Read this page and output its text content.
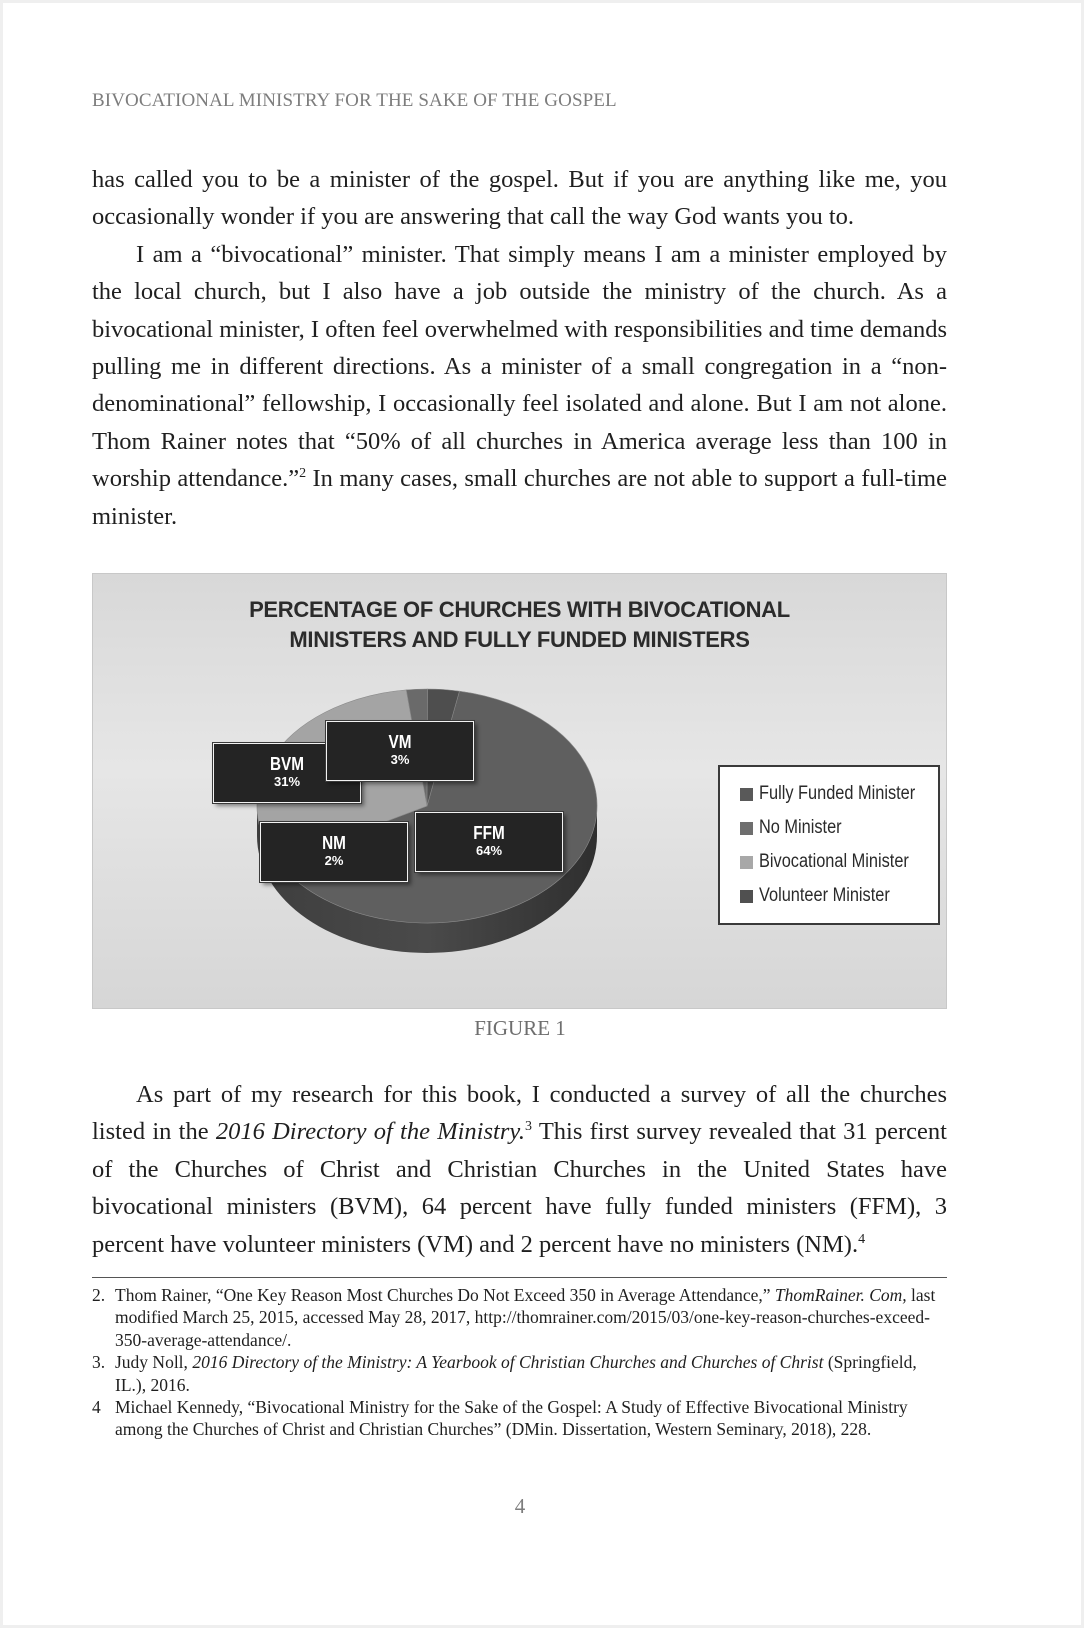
BIVOCATIONAL MINISTRY FOR THE SAKE OF THE GOSPEL

has called you to be a minister of the gospel. But if you are anything like me, you occasionally wonder if you are answering that call the way God wants you to.

I am a “bivocational” minister. That simply means I am a minister employed by the local church, but I also have a job outside the ministry of the church. As a bivocational minister, I often feel overwhelmed with responsibilities and time demands pulling me in different directions. As a minister of a small congregation in a “non-denominational” fellowship, I occasionally feel isolated and alone. But I am not alone. Thom Rainer notes that “50% of all churches in America average less than 100 in worship attendance.”$^2$ In many cases, small churches are not able to support a full-time minister.

PERCENTAGE OF CHURCHES WITH BIVOCATIONAL
MINISTERS AND FULLY FUNDED MINISTERS
BVM
31%
VM
3%
NM
2%
FFM
64%
Fully Funded Minister
No Minister
Bivocational Minister
Volunteer Minister
FIGURE 1

As part of my research for this book, I conducted a survey of all the churches listed in the 2016 Directory of the Ministry.$^3$ This first survey revealed that 31 percent of the Churches of Christ and Christian Churches in the United States have bivocational ministers (BVM), 64 percent have fully funded ministers (FFM), 3 percent have volunteer ministers (VM) and 2 percent have no ministers (NM).$^4$

2. Thom Rainer, “One Key Reason Most Churches Do Not Exceed 350 in Average Attendance,” ThomRainer. Com, last modified March 25, 2015, accessed May 28, 2017, http://thomrainer.com/2015/03/one-key-reason-churches-exceed-350-average-attendance/.
3. Judy Noll, 2016 Directory of the Ministry: A Yearbook of Christian Churches and Churches of Christ (Springfield, IL.), 2016.
4 Michael Kennedy, “Bivocational Ministry for the Sake of the Gospel: A Study of Effective Bivocational Ministry among the Churches of Christ and Christian Churches” (DMin. Dissertation, Western Seminary, 2018), 228.
4
